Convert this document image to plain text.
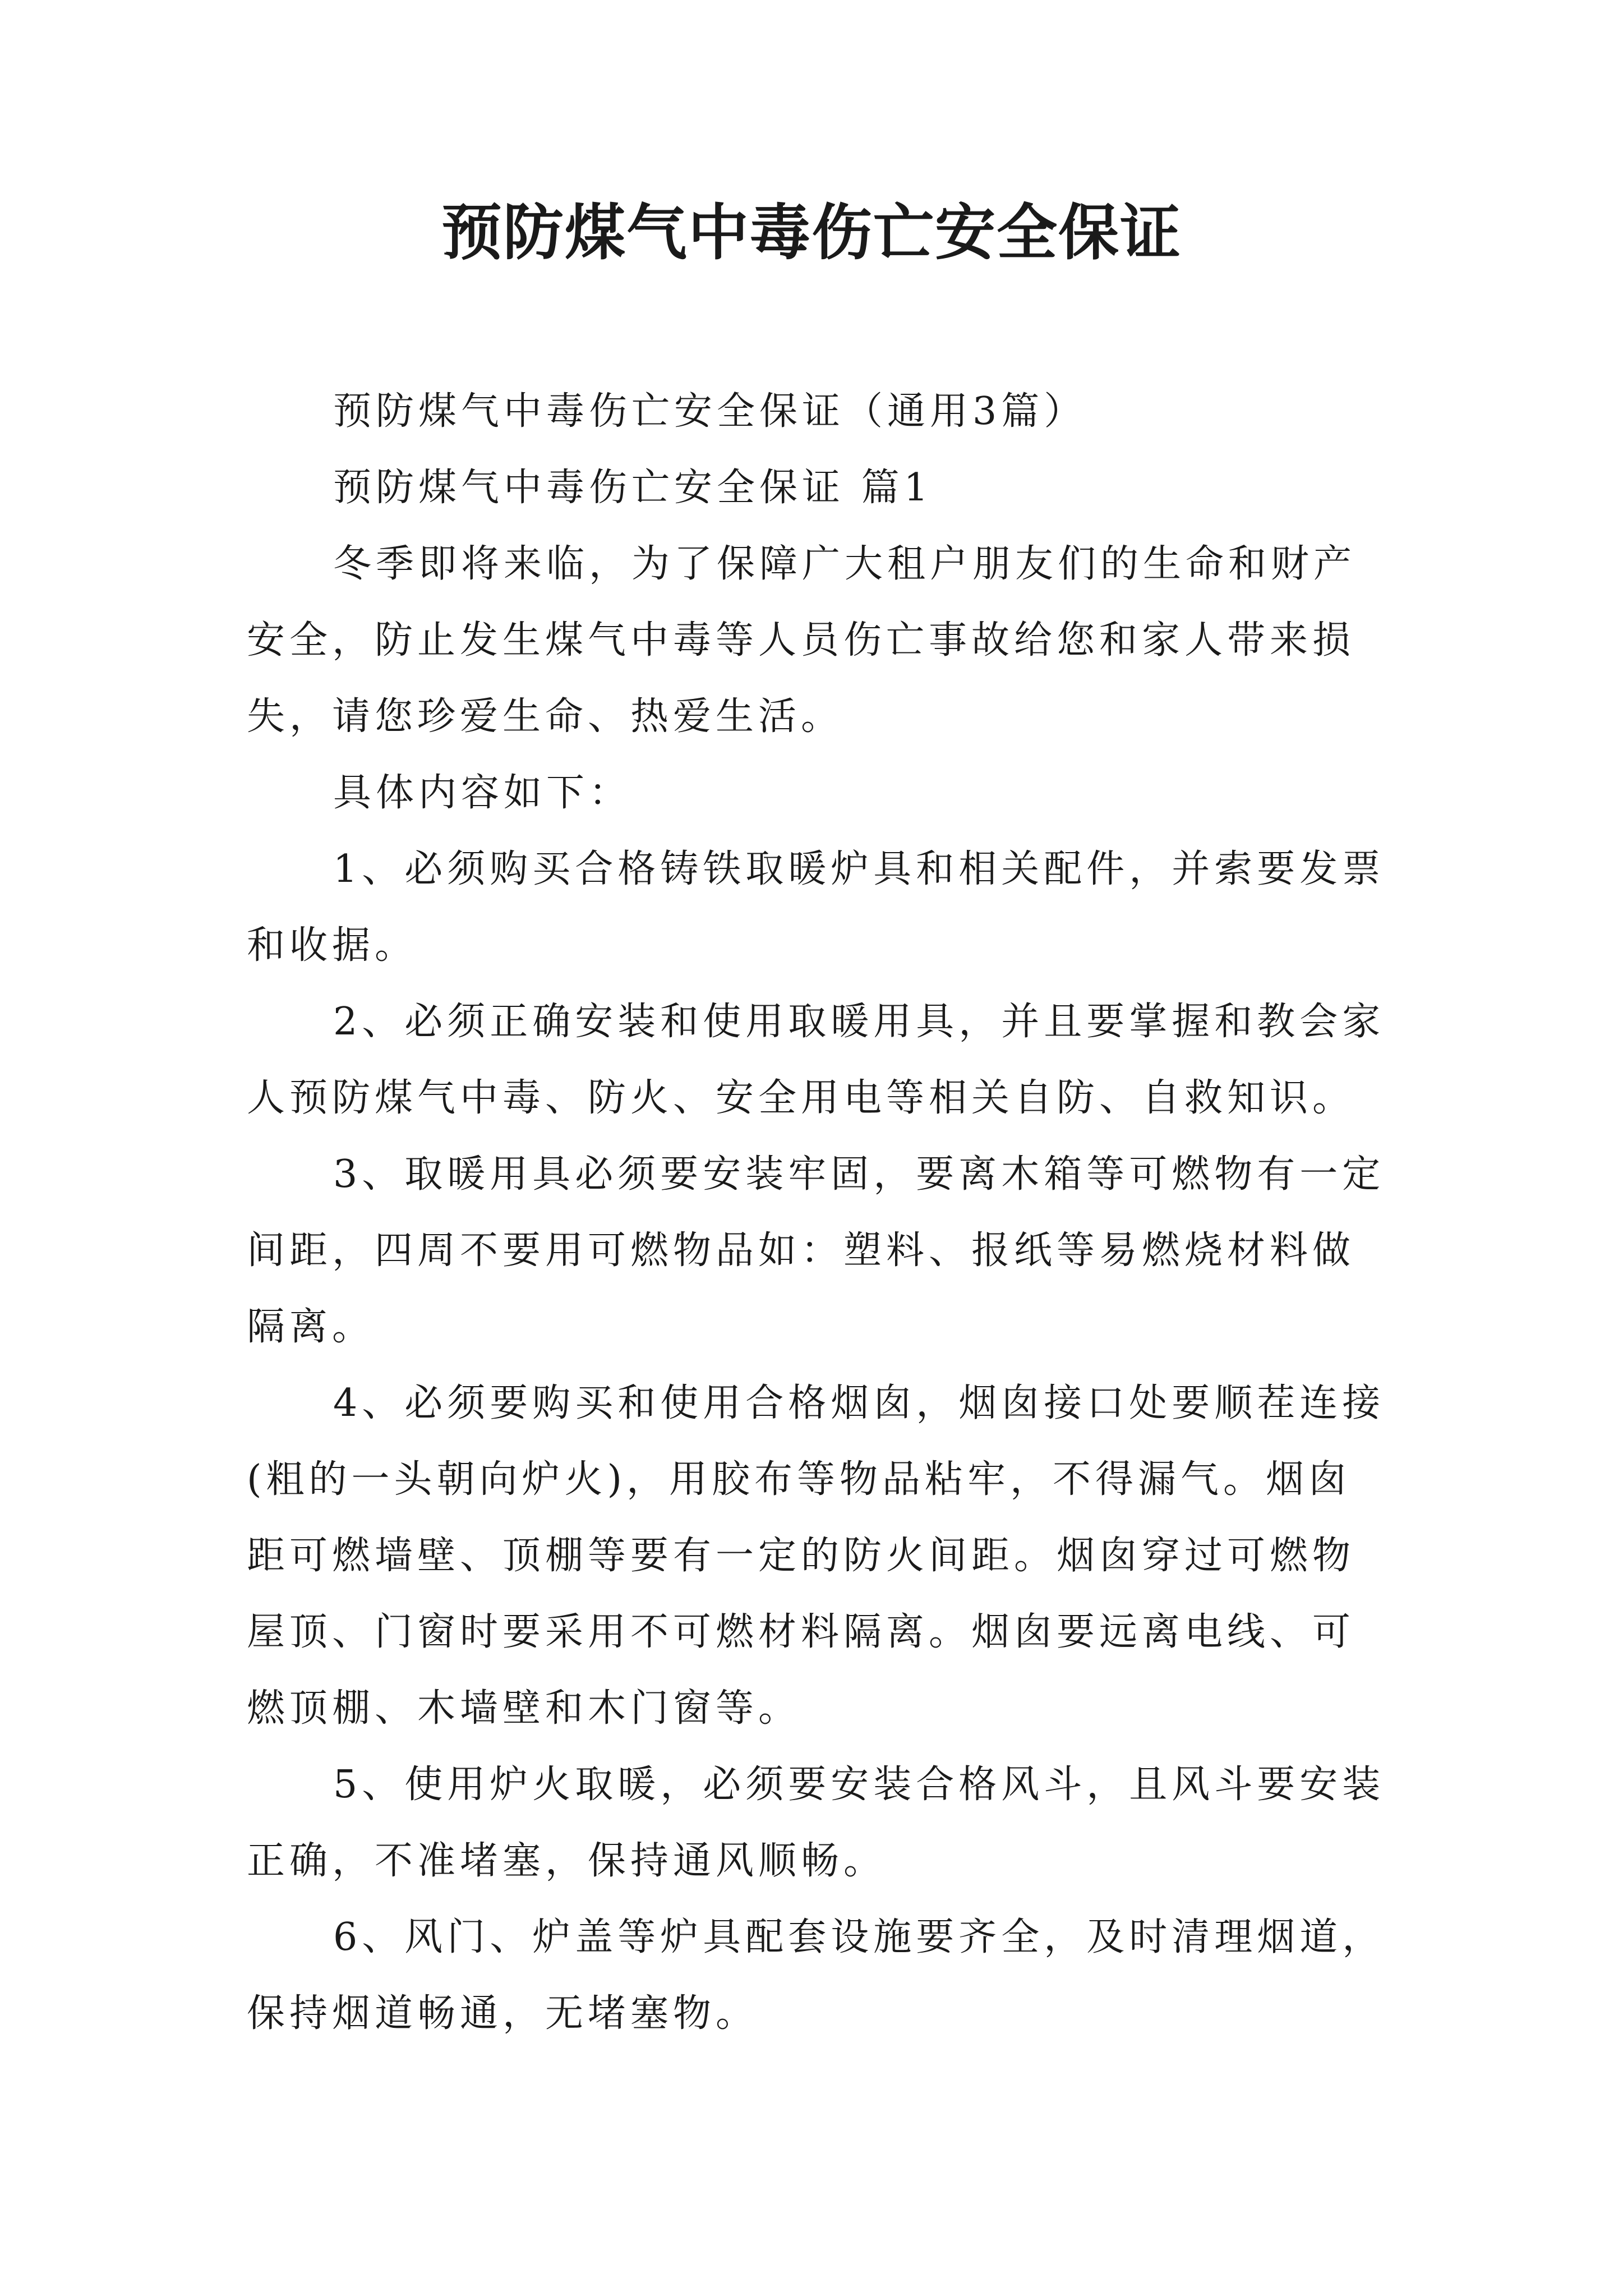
预防煤气中毒伤亡安全保证

预防煤气中毒伤亡安全保证（通用3篇）

预防煤气中毒伤亡安全保证 篇1

冬季即将来临，为了保障广大租户朋友们的生命和财产安全，防止发生煤气中毒等人员伤亡事故给您和家人带来损失，请您珍爱生命、热爱生活。

具体内容如下：

1、必须购买合格铸铁取暖炉具和相关配件，并索要发票和收据。

2、必须正确安装和使用取暖用具，并且要掌握和教会家人预防煤气中毒、防火、安全用电等相关自防、自救知识。

3、取暖用具必须要安装牢固，要离木箱等可燃物有一定间距，四周不要用可燃物品如：塑料、报纸等易燃烧材料做隔离。

4、必须要购买和使用合格烟囱，烟囱接口处要顺茬连接(粗的一头朝向炉火)，用胶布等物品粘牢，不得漏气。烟囱距可燃墙壁、顶棚等要有一定的防火间距。烟囱穿过可燃物屋顶、门窗时要采用不可燃材料隔离。烟囱要远离电线、可燃顶棚、木墙壁和木门窗等。

5、使用炉火取暖，必须要安装合格风斗，且风斗要安装正确，不准堵塞，保持通风顺畅。

6、风门、炉盖等炉具配套设施要齐全，及时清理烟道，保持烟道畅通，无堵塞物。
